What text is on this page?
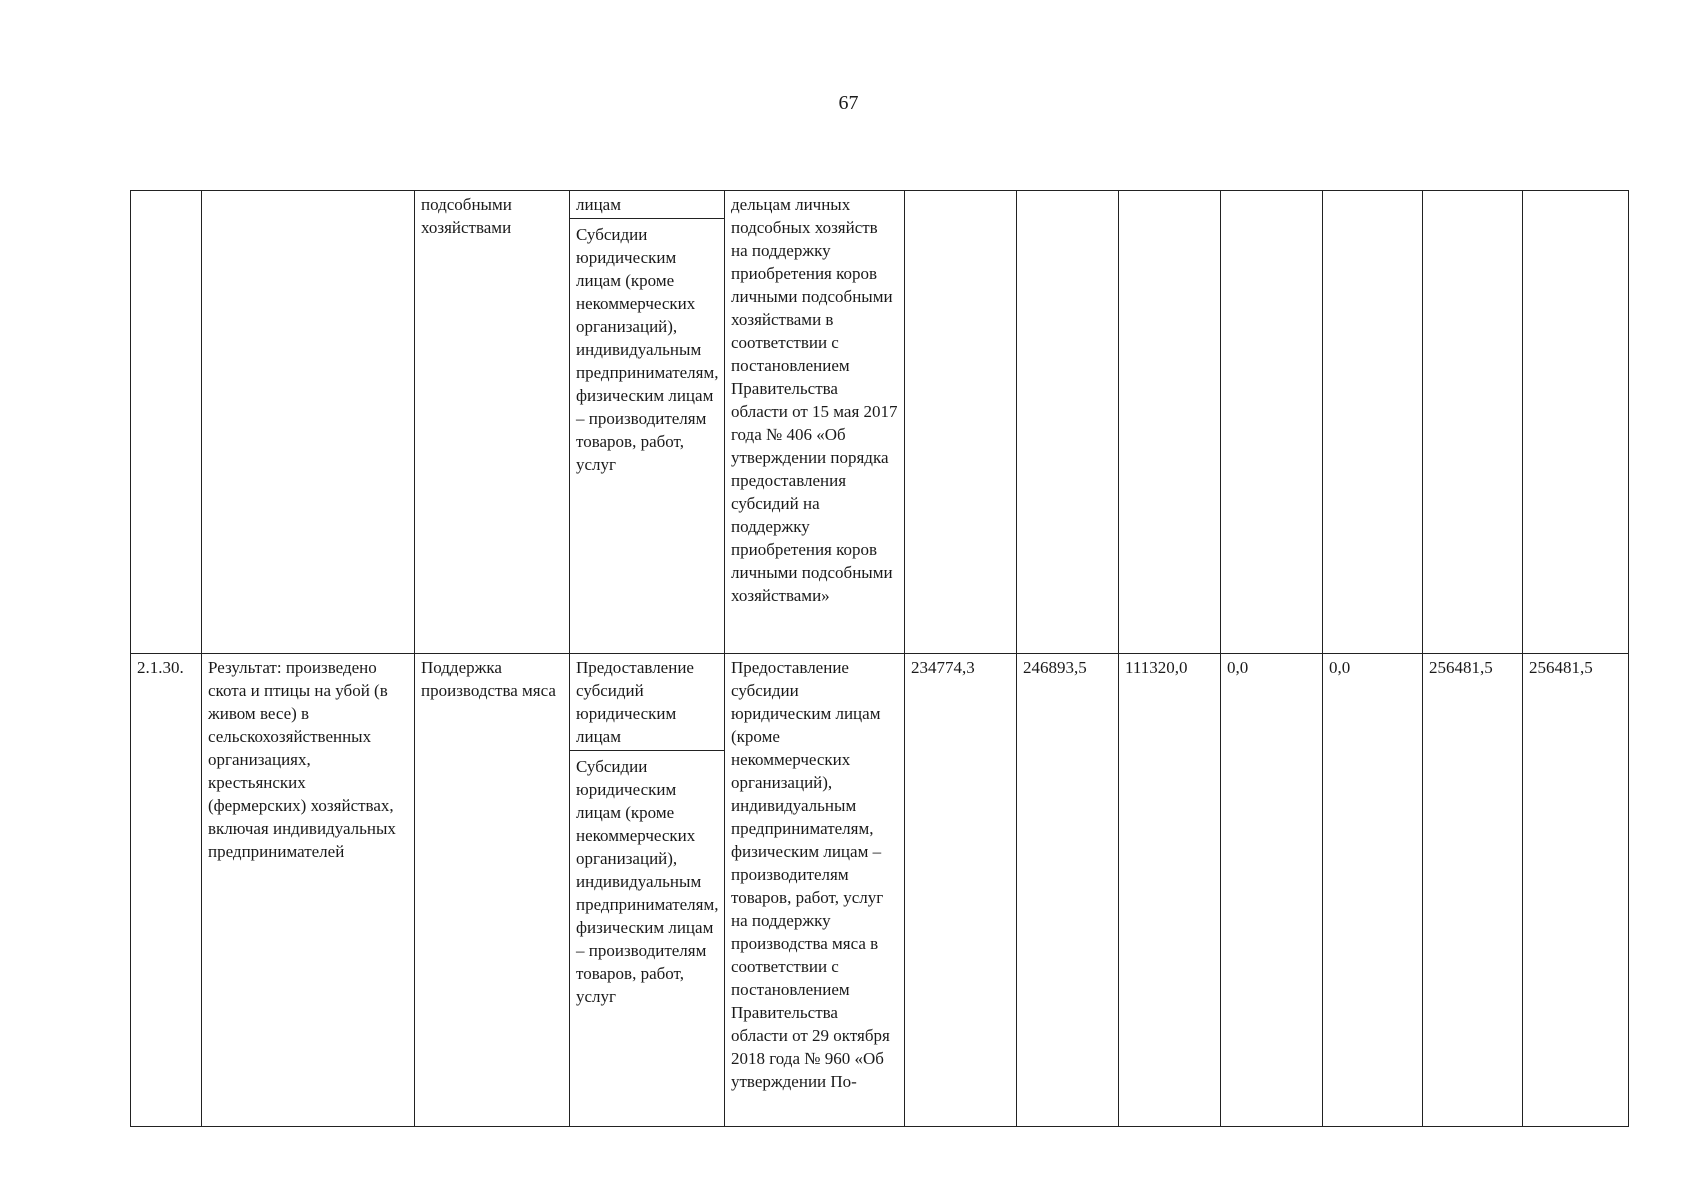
67
		подсобными хозяйствами	лицам
Субсидии юридическим лицам (кроме некоммерческих организаций), индивидуальным предпринимателям, физическим лицам – производителям товаров, работ, услуг	дельцам личных подсобных хозяйств на поддержку приобретения коров личными подсобными хозяйствами в соответствии с постановлением Правительства области от 15 мая 2017 года № 406 «Об утверждении порядка предоставления субсидий на поддержку приобретения коров личными подсобными хозяйствами»							
2.1.30.	Результат: произведено скота и птицы на убой (в живом весе) в сельскохозяйственных организациях, крестьянских (фермерских) хозяйствах, включая индивидуальных предпринимателей	Поддержка производства мяса	Предоставление субсидий юридическим лицам
Субсидии юридическим лицам (кроме некоммерческих организаций), индивидуальным предпринимателям, физическим лицам – производителям товаров, работ, услуг	Предоставление субсидии юридическим лицам (кроме некоммерческих организаций), индивидуальным предпринимателям, физическим лицам – производителям товаров, работ, услуг на поддержку производства мяса в соответствии с постановлением Правительства области от 29 октября 2018 года № 960 «Об утверждении По-	234774,3	246893,5	111320,0	0,0	0,0	256481,5	256481,5
